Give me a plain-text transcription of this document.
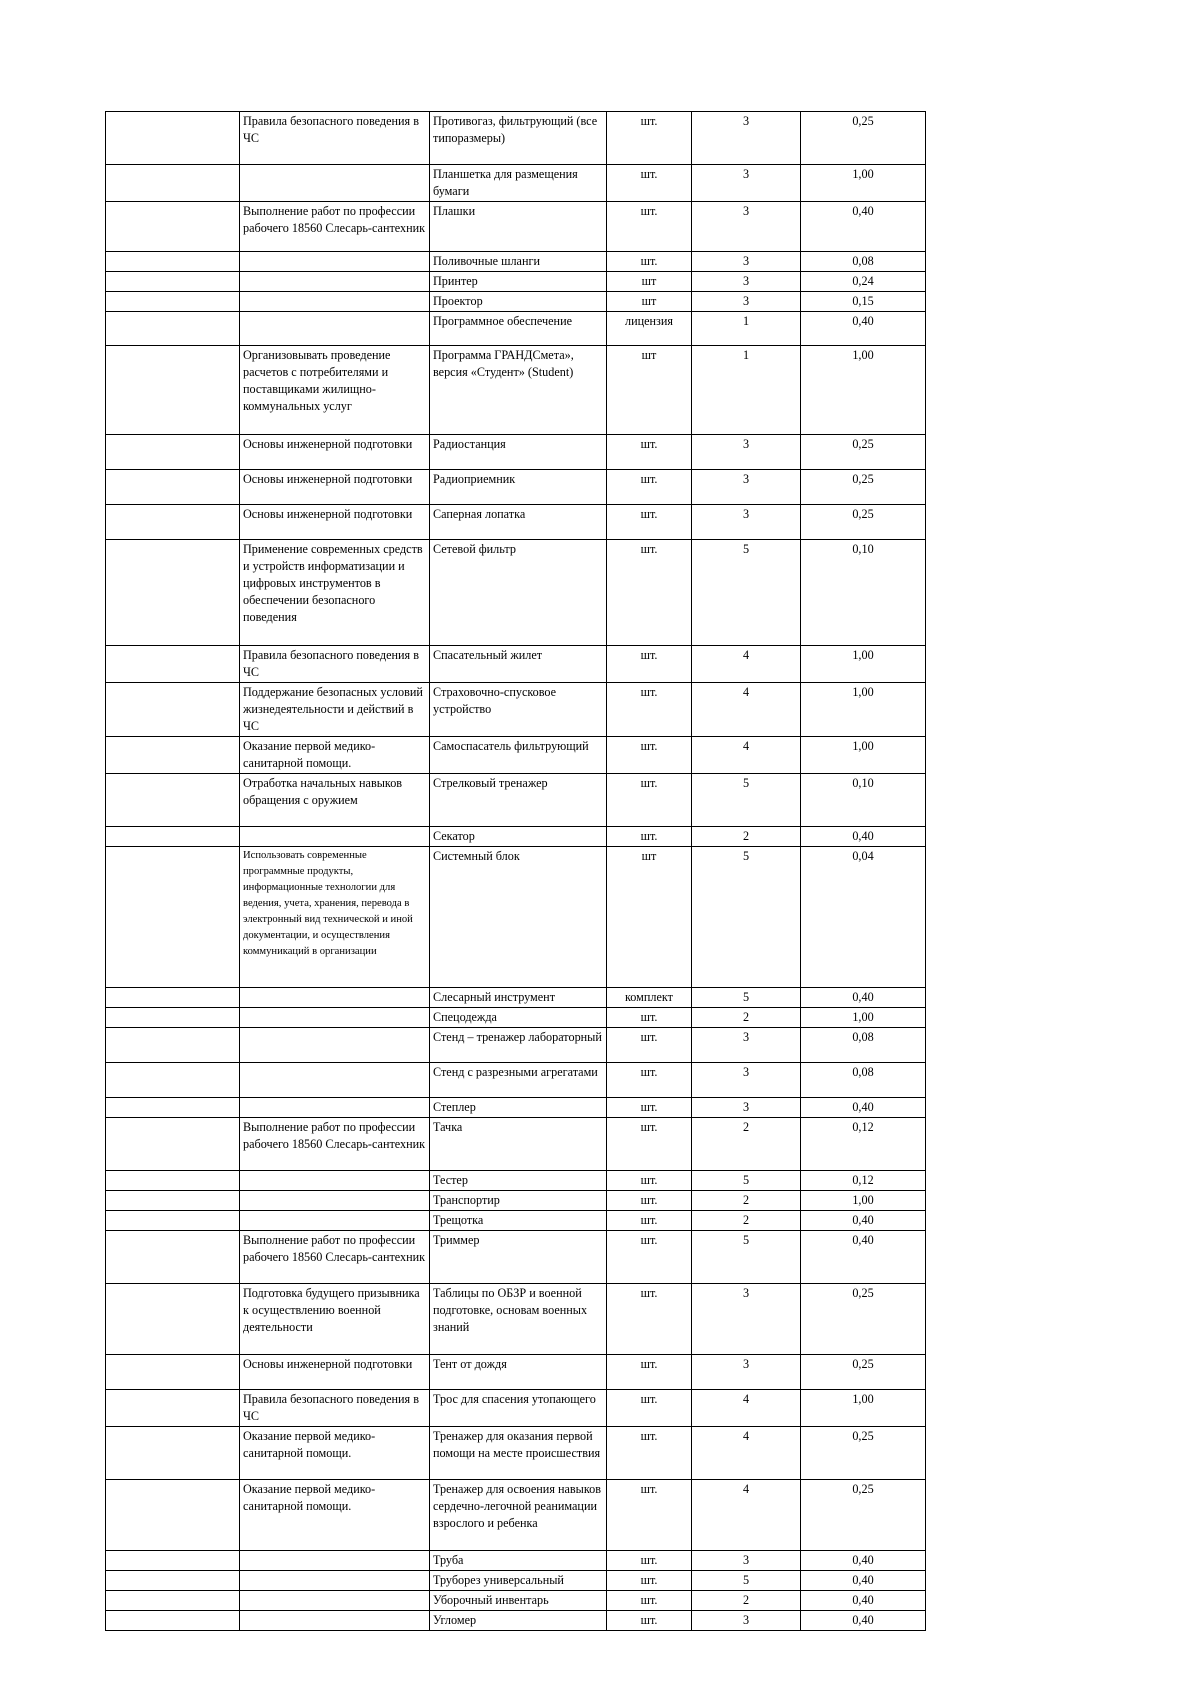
	Правила безопасного поведения в ЧС	Противогаз, фильтрующий (все типоразмеры)	шт.	3	0,25
		Планшетка для размещения бумаги	шт.	3	1,00
	Выполнение работ по профессии рабочего 18560 Слесарь-сантехник	Плашки	шт.	3	0,40
		Поливочные шланги	шт.	3	0,08
		Принтер	шт	3	0,24
		Проектор	шт	3	0,15
		Программное обеспечение	лицензия	1	0,40
	Организовывать проведение расчетов с потребителями и поставщиками жилищно-коммунальных услуг	Программа ГРАНДСмета», версия «Студент» (Student)	шт	1	1,00
	Основы инженерной подготовки	Радиостанция	шт.	3	0,25
	Основы инженерной подготовки	Радиоприемник	шт.	3	0,25
	Основы инженерной подготовки	Саперная лопатка	шт.	3	0,25
	Применение современных средств и устройств информатизации и цифровых инструментов в обеспечении безопасного поведения	Сетевой фильтр	шт.	5	0,10
	Правила безопасного поведения в ЧС	Спасательный жилет	шт.	4	1,00
	Поддержание безопасных условий жизнедеятельности и действий в ЧС	Страховочно-спусковое устройство	шт.	4	1,00
	Оказание первой медико-санитарной помощи.	Самоспасатель фильтрующий	шт.	4	1,00
	Отработка начальных навыков обращения с оружием	Стрелковый тренажер	шт.	5	0,10
		Секатор	шт.	2	0,40
	Использовать современные программные продукты, информационные технологии для ведения, учета, хранения, перевода в электронный вид технической и иной документации, и осуществления коммуникаций в организации	Системный блок	шт	5	0,04
		Слесарный инструмент	комплект	5	0,40
		Спецодежда	шт.	2	1,00
		Стенд – тренажер лабораторный	шт.	3	0,08
		Стенд с разрезными агрегатами	шт.	3	0,08
		Степлер	шт.	3	0,40
	Выполнение работ по профессии рабочего 18560 Слесарь-сантехник	Тачка	шт.	2	0,12
		Тестер	шт.	5	0,12
		Транспортир	шт.	2	1,00
		Трещотка	шт.	2	0,40
	Выполнение работ по профессии рабочего 18560 Слесарь-сантехник	Триммер	шт.	5	0,40
	Подготовка будущего призывника к осуществлению военной деятельности	Таблицы по ОБЗР и военной подготовке, основам военных знаний	шт.	3	0,25
	Основы инженерной подготовки	Тент от дождя	шт.	3	0,25
	Правила безопасного поведения в ЧС	Трос для спасения утопающего	шт.	4	1,00
	Оказание первой медико-санитарной помощи.	Тренажер для оказания первой помощи на месте происшествия	шт.	4	0,25
	Оказание первой медико-санитарной помощи.	Тренажер для освоения навыков сердечно-легочной реанимации взрослого и ребенка	шт.	4	0,25
		Труба	шт.	3	0,40
		Труборез универсальный	шт.	5	0,40
		Уборочный инвентарь	шт.	2	0,40
		Угломер	шт.	3	0,40
